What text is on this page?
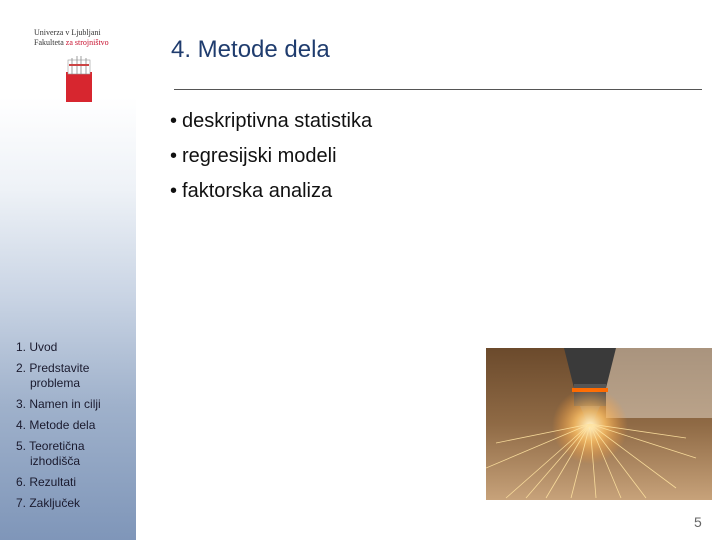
Univerza v Ljubljani
Fakulteta za strojništvo	4. Metode dela
• deskriptivna statistika
• regresijski modeli
• faktorska analiza
1. Uvod
2. Predstavite problema
3. Namen in cilji
4. Metode dela
5. Teoretična izhodišča
6. Rezultati
7. Zaključek
5
